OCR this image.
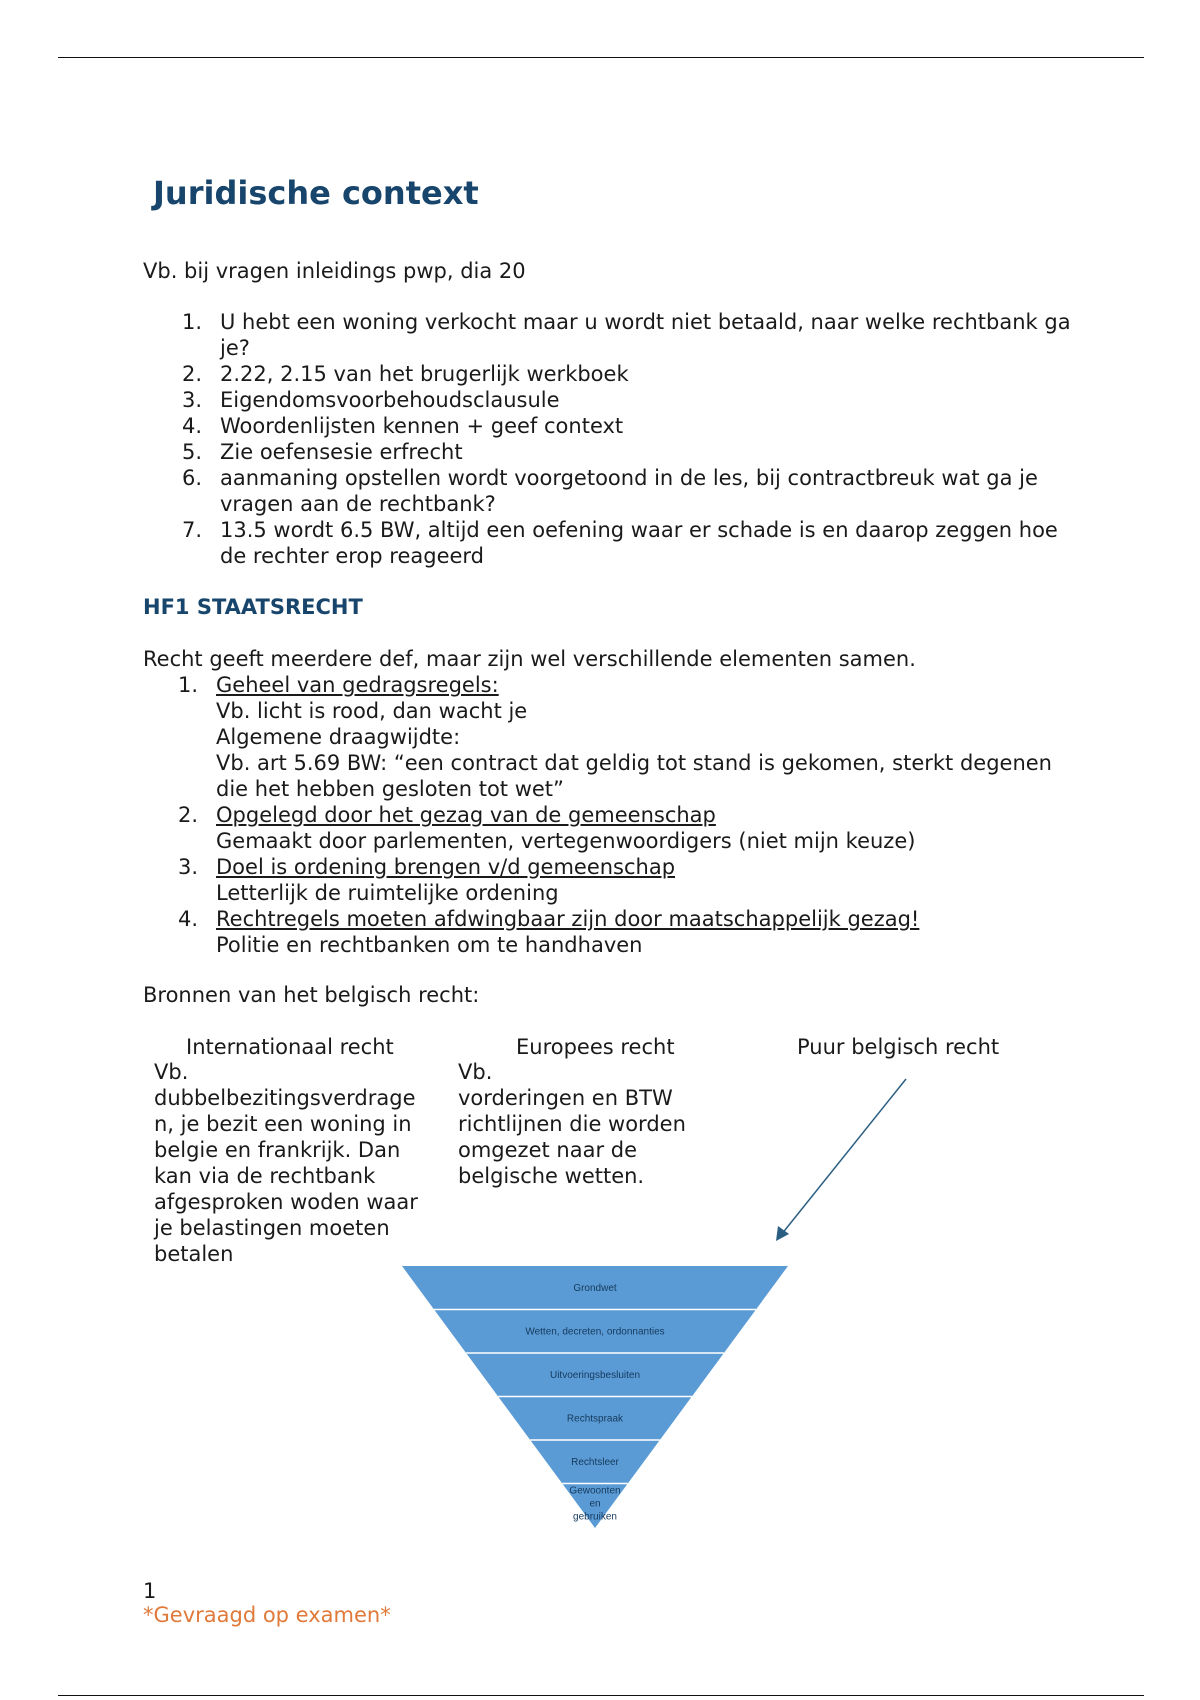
Juridische context

Vb. bij vragen inleidings pwp, dia 20

1. U hebt een woning verkocht maar u wordt niet betaald, naar welke rechtbank ga je?
2. 2.22, 2.15 van het brugerlijk werkboek
3. Eigendomsvoorbehoudsclausule
4. Woordenlijsten kennen + geef context
5. Zie oefensesie erfrecht
6. aanmaning opstellen wordt voorgetoond in de les, bij contractbreuk wat ga je vragen aan de rechtbank?
7. 13.5 wordt 6.5 BW, altijd een oefening waar er schade is en daarop zeggen hoe de rechter erop reageerd
HF1 STAATSRECHT

Recht geeft meerdere def, maar zijn wel verschillende elementen samen.

1. Geheel van gedragsregels:
Vb. licht is rood, dan wacht je
Algemene draagwijdte:
Vb. art 5.69 BW: “een contract dat geldig tot stand is gekomen, sterkt degenen die het hebben gesloten tot wet”
2. Opgelegd door het gezag van de gemeenschap
Gemaakt door parlementen, vertegenwoordigers (niet mijn keuze)
3. Doel is ordening brengen v/d gemeenschap
Letterlijk de ruimtelijke ordening
4. Rechtregels moeten afdwingbaar zijn door maatschappelijk gezag!
Politie en rechtbanken om te handhaven

Bronnen van het belgisch recht:

Internationaal recht

Vb.
dubbelbezitingsverdrage
n, je bezit een woning in
belgie en frankrijk. Dan
kan via de rechtbank
afgesproken woden waar
je belastingen moeten
betalen

Europees recht

Vb.
vorderingen en BTW
richtlijnen die worden
omgezet naar de
belgische wetten.

Puur belgisch recht

Grondwet
Wetten, decreten, ordonnanties
Uitvoeringsbesluiten
Rechtspraak
Rechtsleer
Gewoonten en gebruiken

1

*Gevraagd op examen*
